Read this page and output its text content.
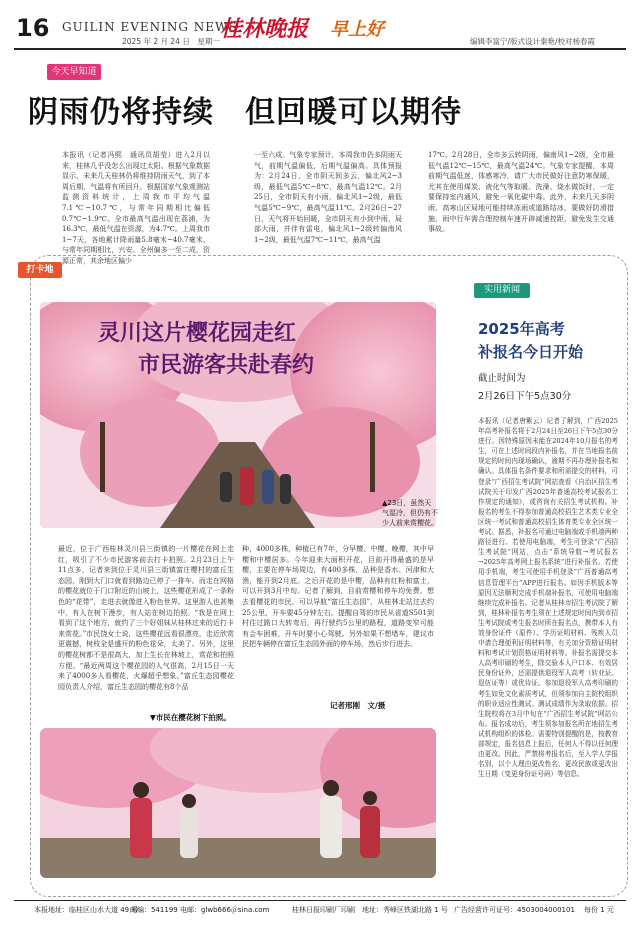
16 GUILIN EVENING NEWS
2025 年 2 月 24 日　星期一 桂林晚报 早上好
编辑李富宁/版式设计秦艳/校对杨春霞
今天早知道
阴雨仍将持续　但回暖可以期待
本报讯（记者冯熙　通讯员胡莹）进入2月以来，桂林几乎没怎么出现过太阳。根据气象数据显示，未来几天桂林仍将维持阴雨天气，到了本周后期，气温将有所回升。根据国家气象观测站监测资料统计，上周我市平均气温7.1℃~10.7℃，与常年同期相比偏低0.7℃~1.9℃。全市最高气温出现在荔浦，为16.3℃，最低气温在资源，为4.7℃。上周我市1~7天，各地累计降雨量5.8毫米~40.7毫米，与常年同期相比，兴安、全州偏多一至二成，资源正常，其余地区偏少
一至六成。气象专家预计，本周我市仍多阴雨天气，前期气温偏低，后期气温偏高。具体预报为：2月24日，全市阴天间多云，偏北风2~3级，最低气温5℃~8℃，最高气温12℃。2月25日，全市阴天有小雨，偏北风1~2级，最低气温5℃~9℃，最高气温11℃。2月26日~27日，天气将开始回暖，全市阴天有小到中雨，局部大雨，并伴有雷电，偏北风1~2级转偏南风1~2级，最低气温7℃~11℃，最高气温
17℃。2月28日，全市多云转阴雨，偏南风1~2级，全市最低气温12℃~15℃，最高气温24℃。气象专家提醒，本周前期气温低迷，体感寒冷，请广大市民做好注意防寒保暖，尤其在使用煤炭、液化气等取暖、洗澡、烧水做饭时，一定要保持室内通风，避免一氧化碳中毒。此外，未来几天多阴雨，高寒山区局地可能持续冻雨或道路结冰，要做好防滑措施，雨中行车需合理控制车速开辟减速控距，避免发生交通事故。
打卡地
灵川这片樱花园走红
市民游客共赴春约
▲23日，虽然天气湿冷，但仍有不少人前来赏樱花。
最近，位于广西桂林灵川县三街镇的一片樱花在网上走红，吸引了不少市民游客前去打卡拍照。2月23日上午11点多，记者来到位于灵川县三街镇富庄樱村的富丘生态园，刚到大门口就看到路边已停了一排车。而走在网格的樱花就位于门口附近的山坡上，这些樱花形成了一条粉色的“花带”，走进去就像进入粉色世界。这里游人也甚集中，有人在树下漫步，有人站在树边拍照。“我是在网上看到了这个地方，就约了三个好姐妹从桂林过来的近打卡来赏花。”市民饶女士说，这些樱花远看很漂亮，走近欣赏更震撼，树枝全是盛开的粉色花朵，太美了。另外，这里的樱花树都不是很高大，加上生长在林坡上，赏花和拍照方便。“最近两周这个樱花园的人气很高，2月15日一天来了4000多人看樱花，火爆超乎想象。”富丘生态园樱花园负责人介绍，富丘生态园的樱花有8个品
种，4000多株，种植已有7年，分早樱、中樱、晚樱，其中早樱和中樱居多。今年迎来大面积开花，目前开得最盛的是早樱，主要在停车场周边，有400多株，品种是香水、河津和大渔，能开到2月底。之后开花的是中樱，品种有红粉和富士，可以开到3月中旬。记者了解到，目前赏樱和停车均免费。想去看樱花的市民，可以导航“富丘生态园”，从桂林北站过去约25公里，开车要45分钟左右。提醒自驾的市民从省道S501到村往过路口大转弯后，再行驶约5公里的路程，道路变窄可能有会车困难，开车时要小心驾驶。另外如果不想堵车，建议市民把车辆停在富丘生态园外面的停车场，然后步行进去。
记者邢刚　文/摄
▼市民在樱花树下拍照。
实用新闻
2025年高考
补报名今日开始
截止时间为
2月26日下午5点30分
本报讯（记者唐紫云）记者了解到，广西2025年高考补报名将于2月24日至26日下午5点30分进行。因特殊原因未能在2024年10月报名的考生，可在上述时间段内补报名，并在当地报名前规定的时间内现场确认，逾期不再办理补报名和确认。具体报名条件要求和所需提交的材料，可登录“广西招生考试院”网站查看《自治区招生考试院关于印发广西2025年普通高校考试报名工作规定的通知》，或咨询有关招生考试机构。补报名的考生不得参加普通高校招生艺术类专业全区统一考试和普通高校招生体育类专业全区统一考试。据悉，补报名可通过电脑端或手机端两种路径进行。若使用电脑端，考生可登录“广西招生考试院”网站，点击“系统导航→考试报名→2025年高考网上报名系统”进行补报名。若使用手机端，考生可使用手机登录“广西普通高考信息管理平台”APP进行报名。如因手机版本等原因无法顺利完成手机端补报名，可使用电脑端继续完成补报名。记者从桂林市招生考试院了解到，桂林补报名考生须在上述规定时间内到市招生考试院或考生报名时所在报名点，携带本人有效身份证件（原件）、学历证明材料、残疾人员申请合理便利证明材料等，有关加分资格证明材料和考试计划资格证明材料等。补报名需提交本人高考印刷的考生，除交验本人户口本、有效居民身份证外，还需提供退役军人高考（转业证、退伍证等）或优待证。参加退役军人高考印刷的考生如免文化素质考试，但须参加自主院校组织的职业适应性测试。测试成绩作为录取依据。招生院校将在3月中旬在“广西招生考试院”网站公布。报名成功后，考生须参加报名所在地招生考试机构组织的体检。需要特别提醒的是，按教育部规定，报名信息上报后，任何人不得以任何理由更改。因此，严禁将考报名后，至入学人学报名别，以个人理由更改性名、更改民族或更改出生日期（变更身份证号码）等信息。
本报地址：临桂区山水大道 49 号
邮编：541199 电邮：glwb666＠sina.com	桂林日报印刷厂印刷　地址：秀峰区铁湖北路 1 号 广告经营许可证号：4503004000101 每份 1 元
